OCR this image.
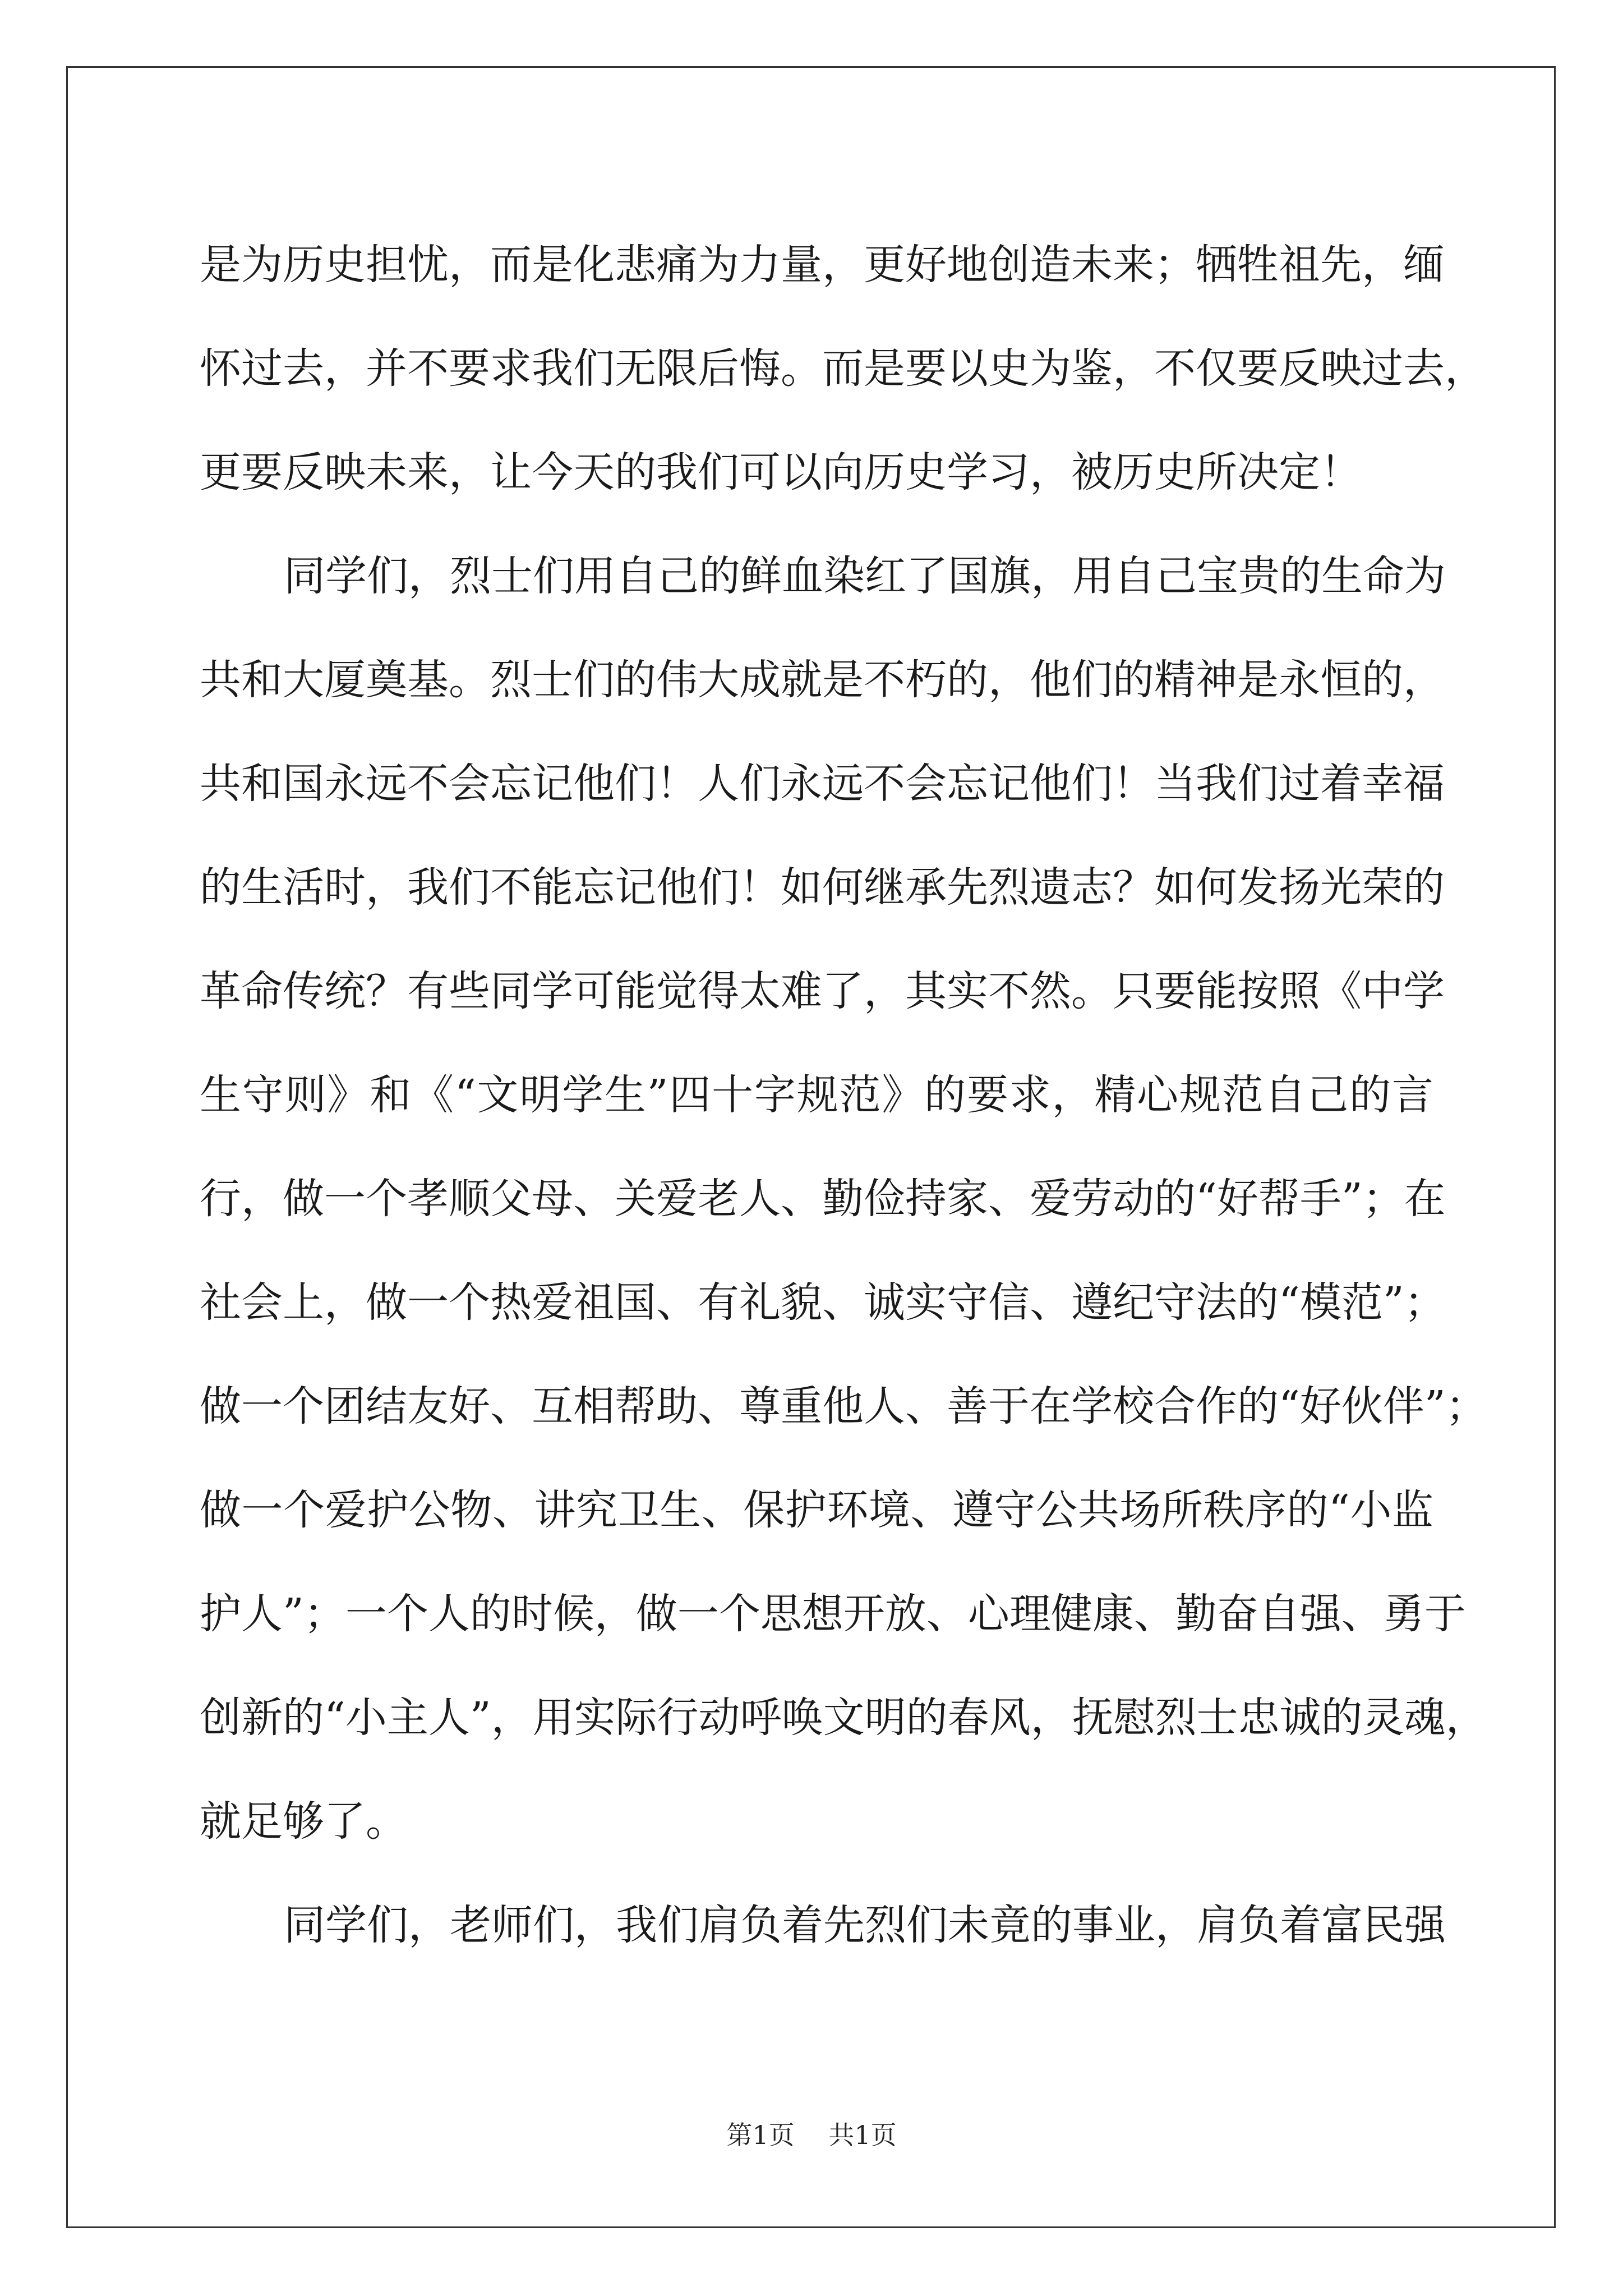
是为历史担忧，而是化悲痛为力量，更好地创造未来；牺牲祖先，缅
怀过去，并不要求我们无限后悔。而是要以史为鉴，不仅要反映过去，
更要反映未来，让今天的我们可以向历史学习，被历史所决定！
同学们，烈士们用自己的鲜血染红了国旗，用自己宝贵的生命为
共和大厦奠基。烈士们的伟大成就是不朽的，他们的精神是永恒的，
共和国永远不会忘记他们！人们永远不会忘记他们！当我们过着幸福
的生活时，我们不能忘记他们！如何继承先烈遗志？如何发扬光荣的
革命传统？有些同学可能觉得太难了，其实不然。只要能按照《中学
生守则》和《“文明学生”四十字规范》的要求，精心规范自己的言
行，做一个孝顺父母、关爱老人、勤俭持家、爱劳动的“好帮手”；在
社会上，做一个热爱祖国、有礼貌、诚实守信、遵纪守法的“模范”；
做一个团结友好、互相帮助、尊重他人、善于在学校合作的“好伙伴”；
做一个爱护公物、讲究卫生、保护环境、遵守公共场所秩序的“小监
护人”；一个人的时候，做一个思想开放、心理健康、勤奋自强、勇于
创新的“小主人”，用实际行动呼唤文明的春风，抚慰烈士忠诚的灵魂，
就足够了。
同学们，老师们，我们肩负着先烈们未竟的事业，肩负着富民强
第1页 共1页
